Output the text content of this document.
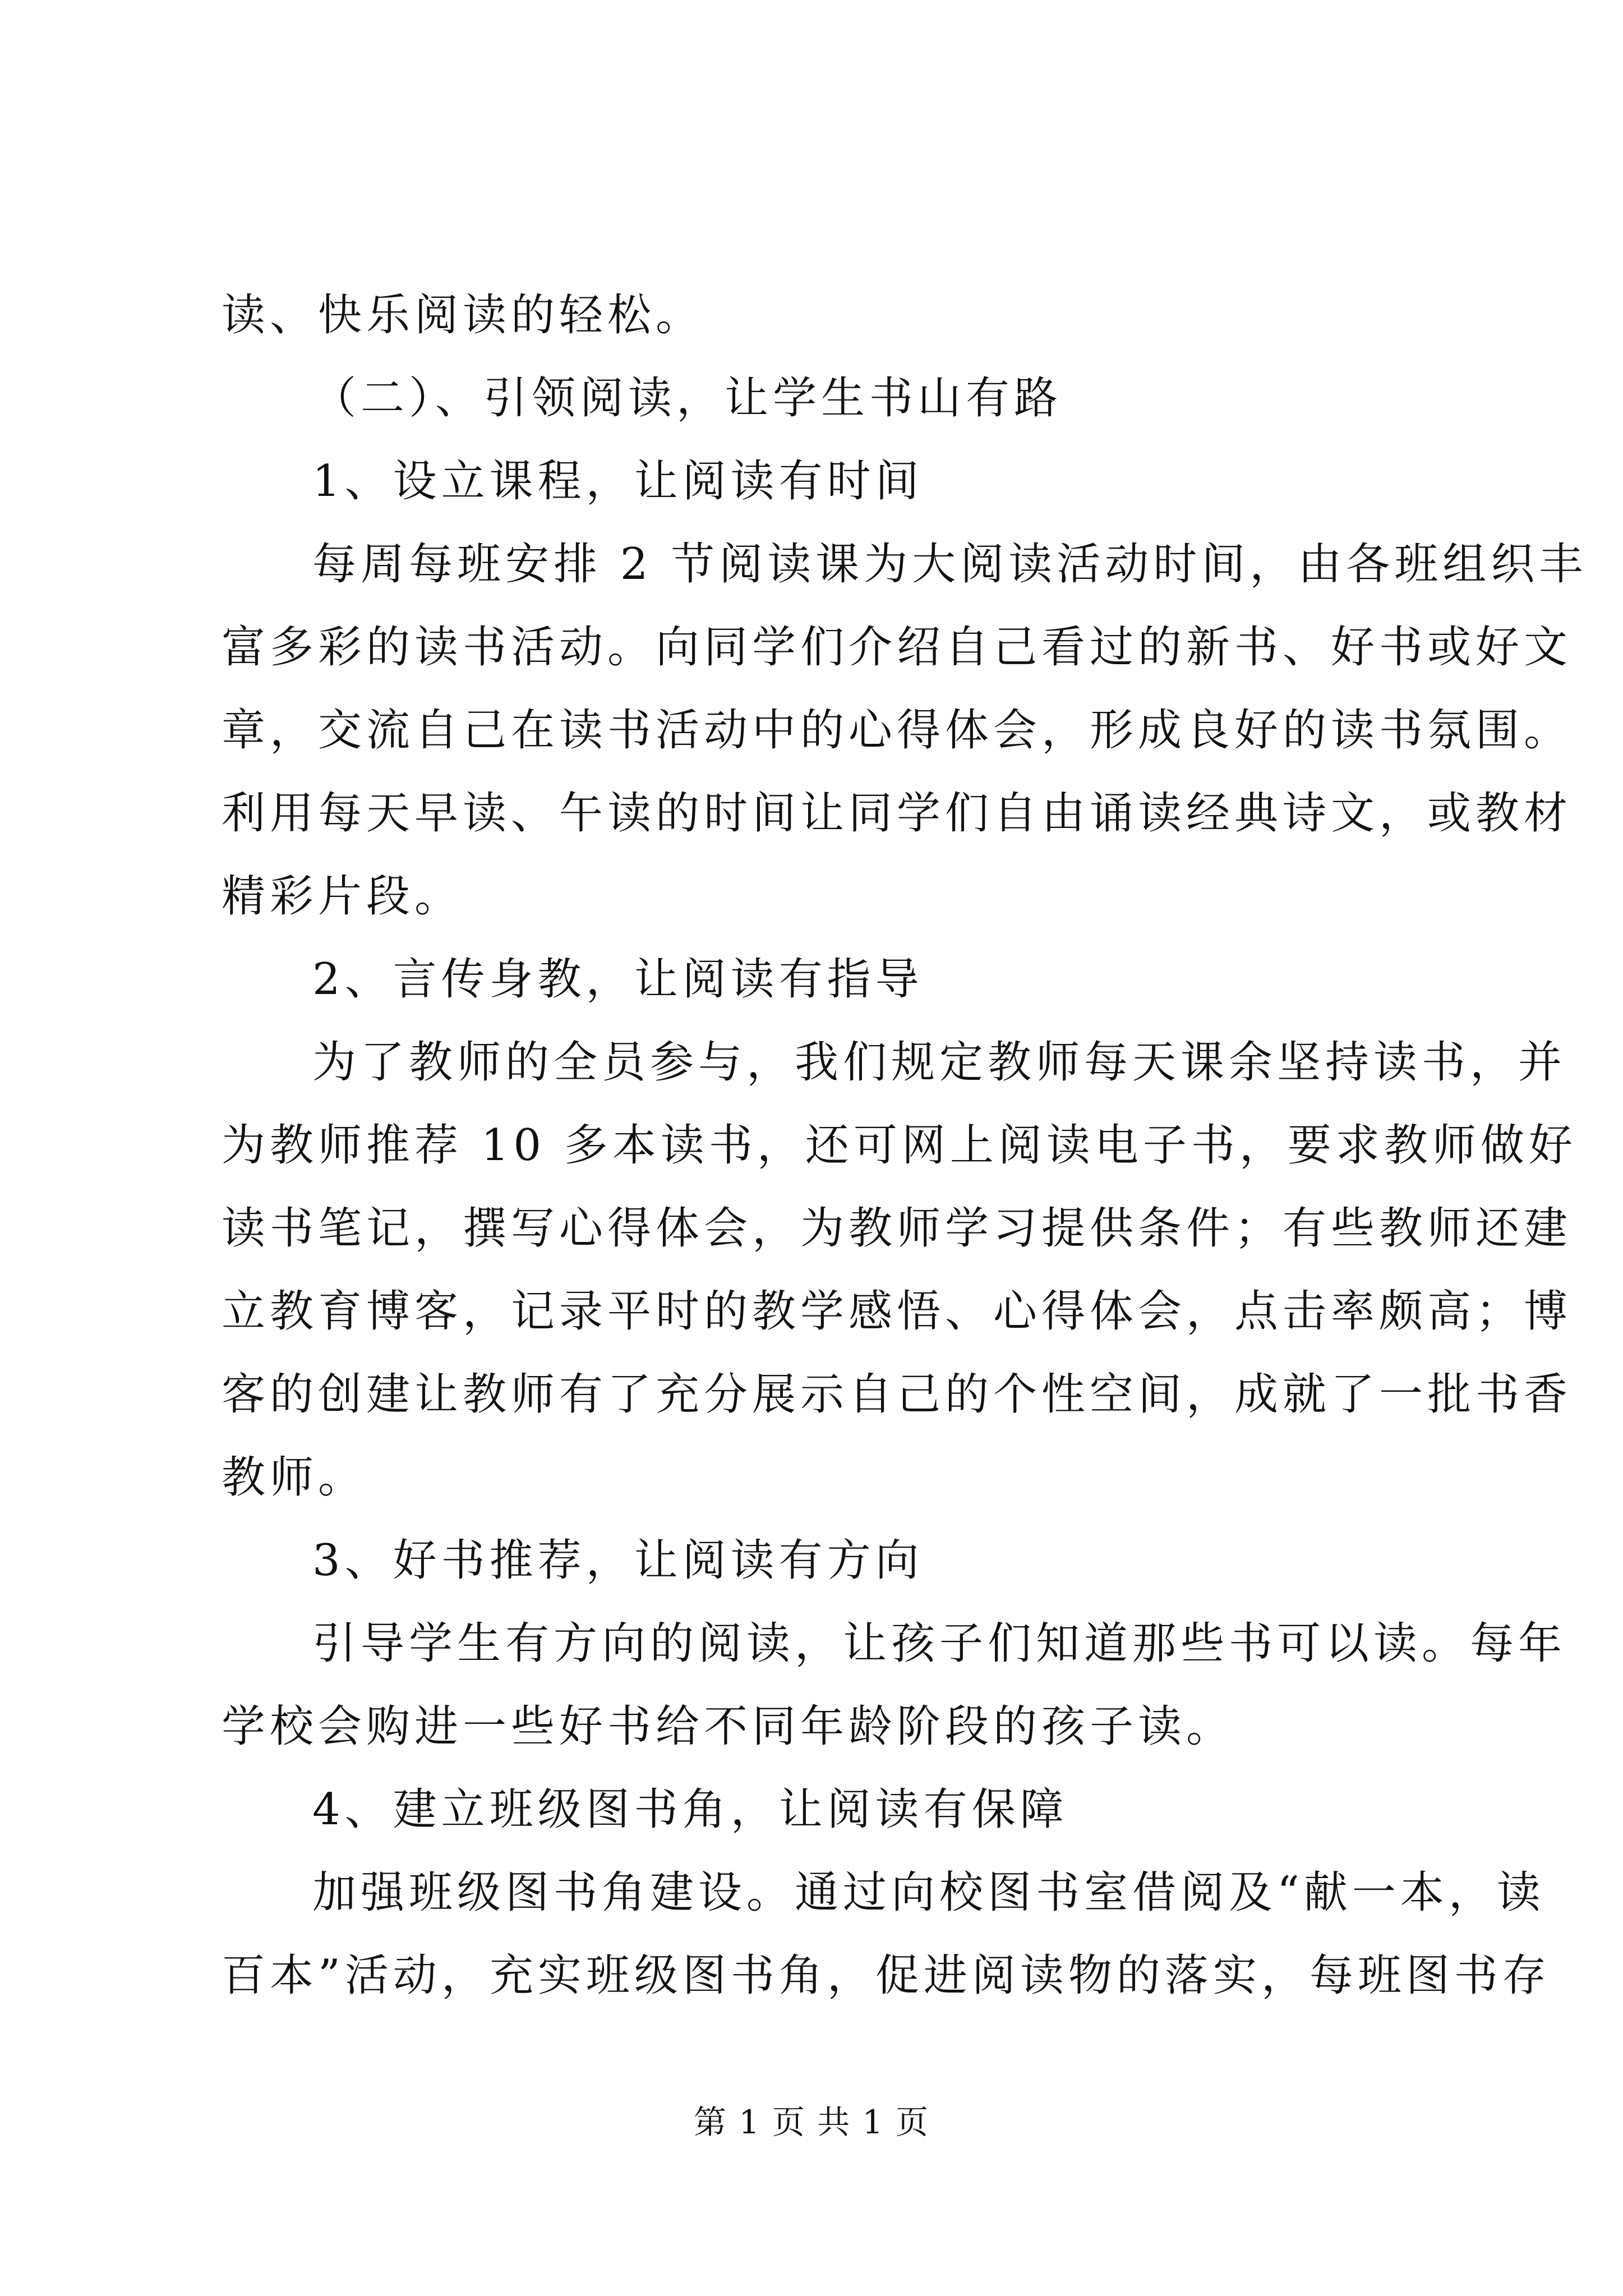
读、快乐阅读的轻松。
（二）、引领阅读，让学生书山有路
1、设立课程，让阅读有时间
每周每班安排 2 节阅读课为大阅读活动时间，由各班组织丰
富多彩的读书活动。向同学们介绍自己看过的新书、好书或好文
章，交流自己在读书活动中的心得体会，形成良好的读书氛围。
利用每天早读、午读的时间让同学们自由诵读经典诗文，或教材
精彩片段。
2、言传身教，让阅读有指导
为了教师的全员参与，我们规定教师每天课余坚持读书，并
为教师推荐 10 多本读书，还可网上阅读电子书，要求教师做好
读书笔记，撰写心得体会，为教师学习提供条件；有些教师还建
立教育博客，记录平时的教学感悟、心得体会，点击率颇高；博
客的创建让教师有了充分展示自己的个性空间，成就了一批书香
教师。
3、好书推荐，让阅读有方向
引导学生有方向的阅读，让孩子们知道那些书可以读。每年
学校会购进一些好书给不同年龄阶段的孩子读。
4、建立班级图书角，让阅读有保障
加强班级图书角建设。通过向校图书室借阅及“献一本，读
百本”活动，充实班级图书角，促进阅读物的落实，每班图书存
第 1 页 共 1 页
